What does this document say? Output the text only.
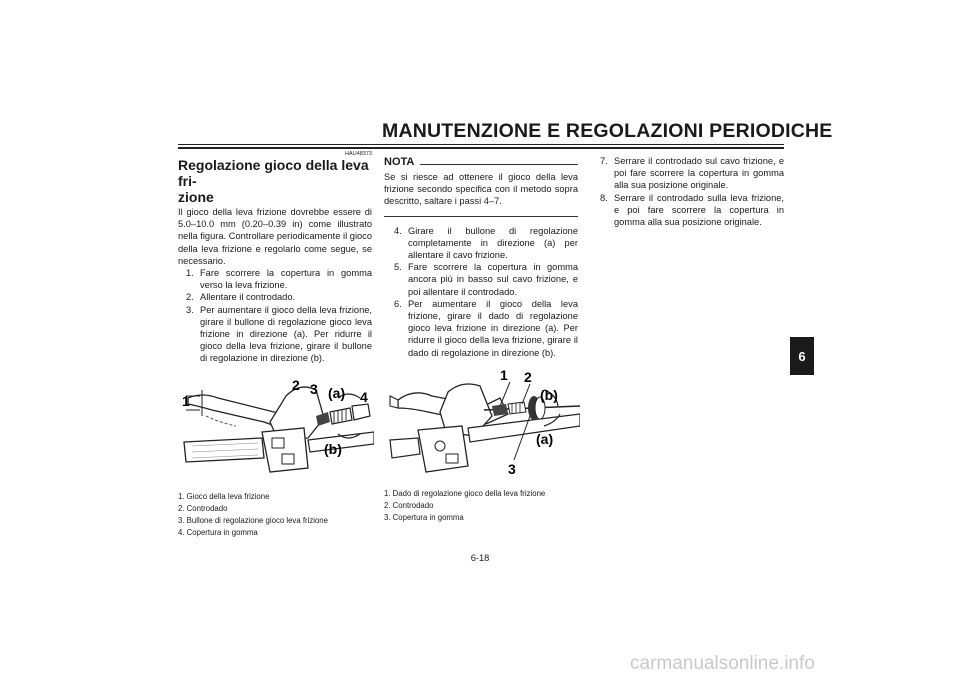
MANUTENZIONE E REGOLAZIONI PERIODICHE
6
HAU48373
Regolazione gioco della leva fri-
zione
Il gioco della leva frizione dovrebbe essere di 5.0–10.0 mm (0.20–0.39 in) come illustrato nella figura. Controllare periodicamente il gioco della leva frizione e regolarlo come segue, se necessario.
1. Fare scorrere la copertura in gomma verso la leva frizione.
2. Allentare il controdado.
3. Per aumentare il gioco della leva frizione, girare il bullone di regolazione gioco leva frizione in direzione (a). Per ridurre il gioco della leva frizione, girare il bullone di regolazione in direzione (b).
1
2 3 (a) 4
(b)
1. Gioco della leva frizione
2. Controdado
3. Bullone di regolazione gioco leva frizione
4. Copertura in gomma
NOTA
Se si riesce ad ottenere il gioco della leva frizione secondo specifica con il metodo sopra descritto, saltare i passi 4–7.
4. Girare il bullone di regolazione completamente in direzione (a) per allentare il cavo frizione.
5. Fare scorrere la copertura in gomma ancora più in basso sul cavo frizione, e poi allentare il controdado.
6. Per aumentare il gioco della leva frizione, girare il dado di regolazione gioco leva frizione in direzione (a). Per ridurre il gioco della leva frizione, girare il dado di regolazione in direzione (b).
1 2
(b)
(a)
3
1. Dado di regolazione gioco della leva frizione
2. Controdado
3. Copertura in gomma
7. Serrare il controdado sul cavo frizione, e poi fare scorrere la copertura in gomma alla sua posizione originale.
8. Serrare il controdado sulla leva frizione, e poi fare scorrere la copertura in gomma alla sua posizione originale.
6-18
carmanualsonline.info
